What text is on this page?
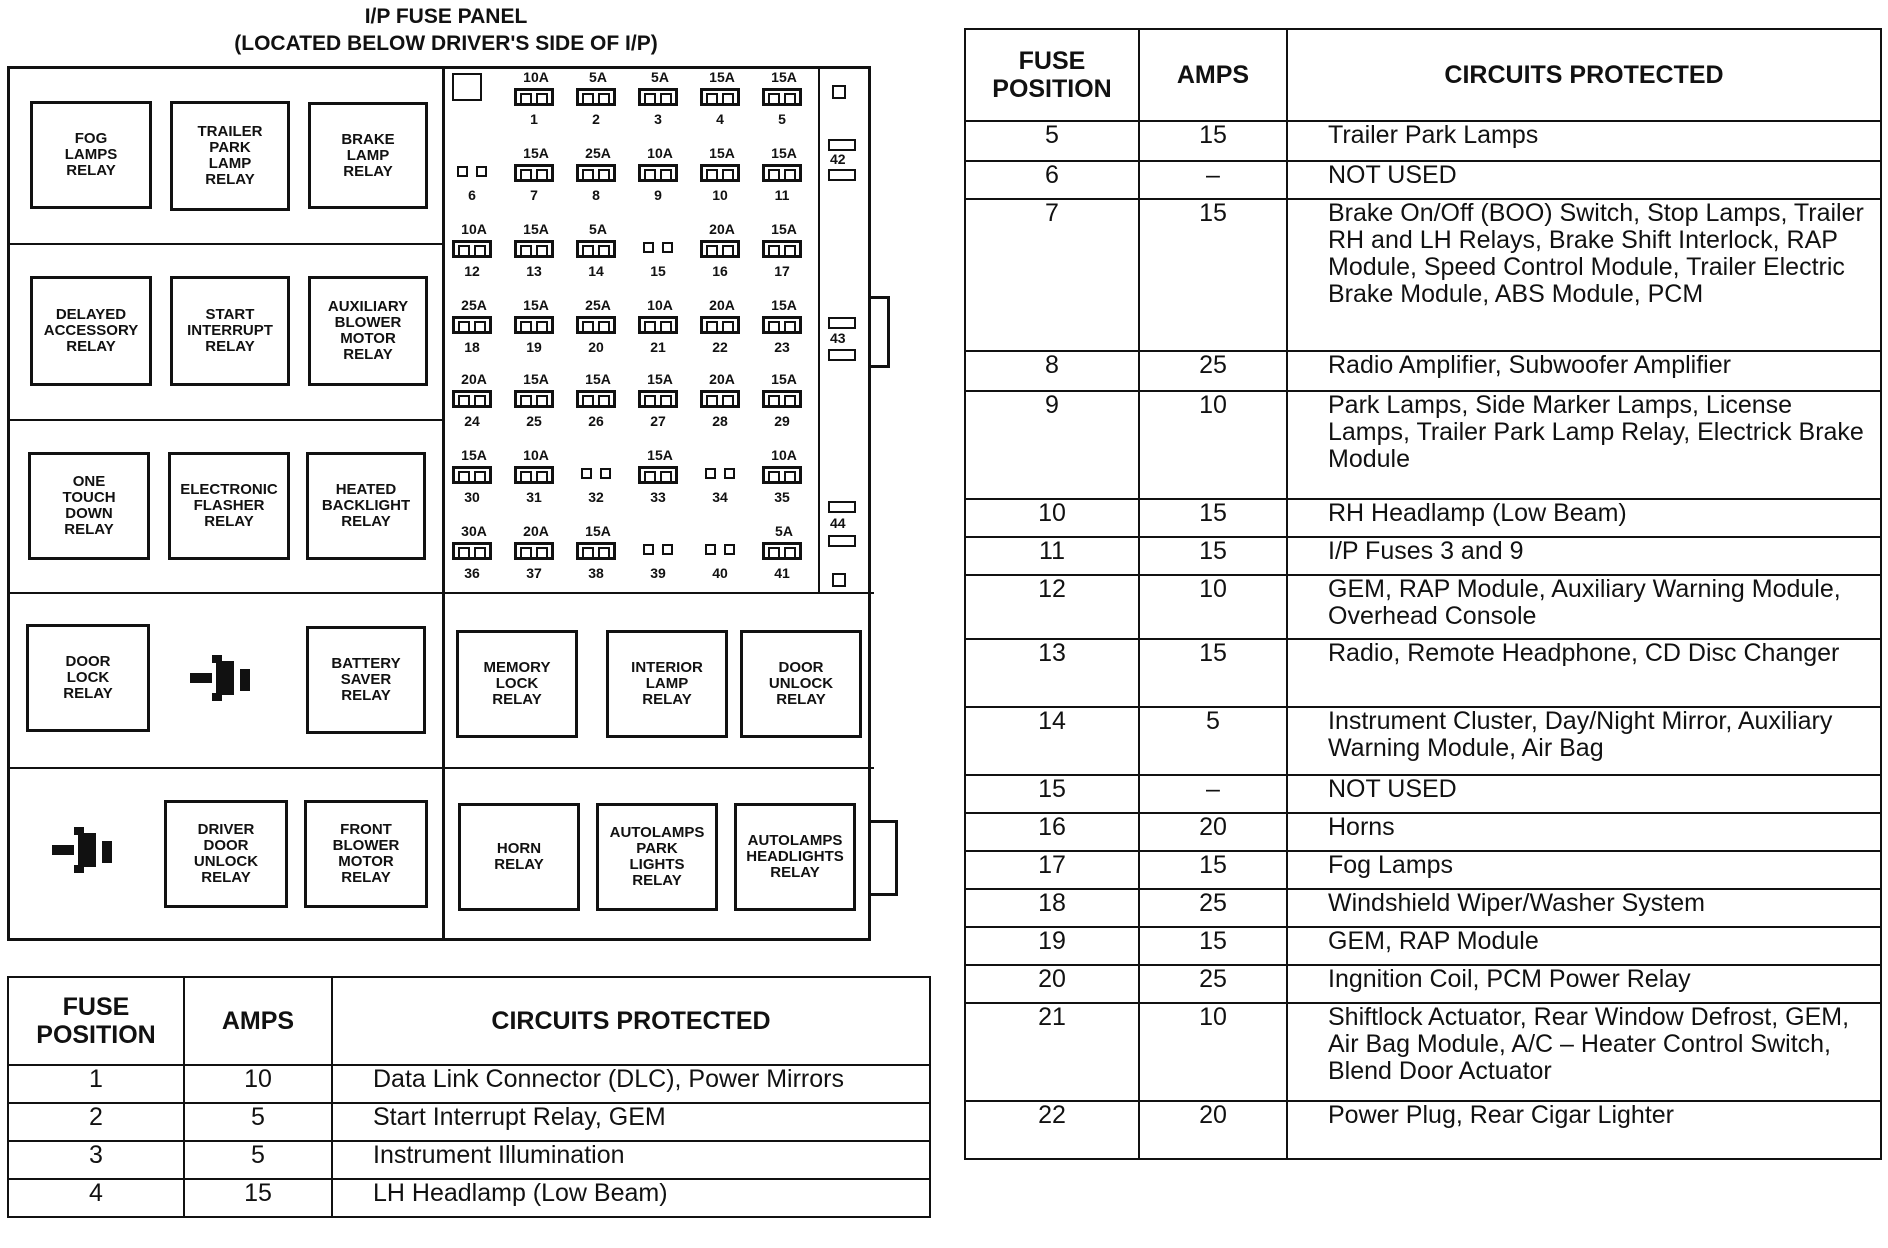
I/P FUSE PANEL
(LOCATED BELOW DRIVER'S SIDE OF I/P)
FOG
LAMPS
RELAY
TRAILER
PARK
LAMP
RELAY
BRAKE
LAMP
RELAY
DELAYED
ACCESSORY
RELAY
START
INTERRUPT
RELAY
AUXILIARY
BLOWER
MOTOR
RELAY
ONE
TOUCH
DOWN
RELAY
ELECTRONIC
FLASHER
RELAY
HEATED
BACKLIGHT
RELAY
DOOR
LOCK
RELAY
BATTERY
SAVER
RELAY
DRIVER
DOOR
UNLOCK
RELAY
FRONT
BLOWER
MOTOR
RELAY
MEMORY
LOCK
RELAY
INTERIOR
LAMP
RELAY
DOOR
UNLOCK
RELAY
HORN
RELAY
AUTOLAMPS
PARK
LIGHTS
RELAY
AUTOLAMPS
HEADLIGHTS
RELAY
10A
1
5A
2
5A
3
15A
4
15A
5
6
15A
7
25A
8
10A
9
15A
10
15A
11
10A
12
15A
13
5A
14	15
20A
16
15A
17
25A
18
15A
19
25A
20
10A
21
20A
22
15A
23
20A
24
15A
25
15A
26
15A
27
20A
28
15A
29
15A
30
10A
31	32
15A
33	34
10A
35
30A
36
20A
37
15A
38	39	40
5A
41
42
43
44
FUSE
POSITION	AMPS	CIRCUITS PROTECTED
1	10	Data Link Connector (DLC), Power Mirrors
2	5	Start Interrupt Relay, GEM
3	5	Instrument Illumination
4	15	LH Headlamp (Low Beam)
FUSE
POSITION	AMPS	CIRCUITS PROTECTED
5	15	Trailer Park Lamps
6	–	NOT USED
7	15	Brake On/Off (BOO) Switch, Stop Lamps, Trailer RH and LH Relays, Brake Shift Interlock, RAP Module, Speed Control Module, Trailer Electric Brake Module, ABS Module, PCM
8	25	Radio Amplifier, Subwoofer Amplifier
9	10	Park Lamps, Side Marker Lamps, License Lamps, Trailer Park Lamp Relay, Electrick Brake Module
10	15	RH Headlamp (Low Beam)
11	15	I/P Fuses 3 and 9
12	10	GEM, RAP Module, Auxiliary Warning Module, Overhead Console
13	15	Radio, Remote Headphone, CD Disc Changer
14	5	Instrument Cluster, Day/Night Mirror, Auxiliary Warning Module, Air Bag
15	–	NOT USED
16	20	Horns
17	15	Fog Lamps
18	25	Windshield Wiper/Washer System
19	15	GEM, RAP Module
20	25	Ingnition Coil, PCM Power Relay
21	10	Shiftlock Actuator, Rear Window Defrost, GEM, Air Bag Module, A/C – Heater Control Switch, Blend Door Actuator
22	20	Power Plug, Rear Cigar Lighter
